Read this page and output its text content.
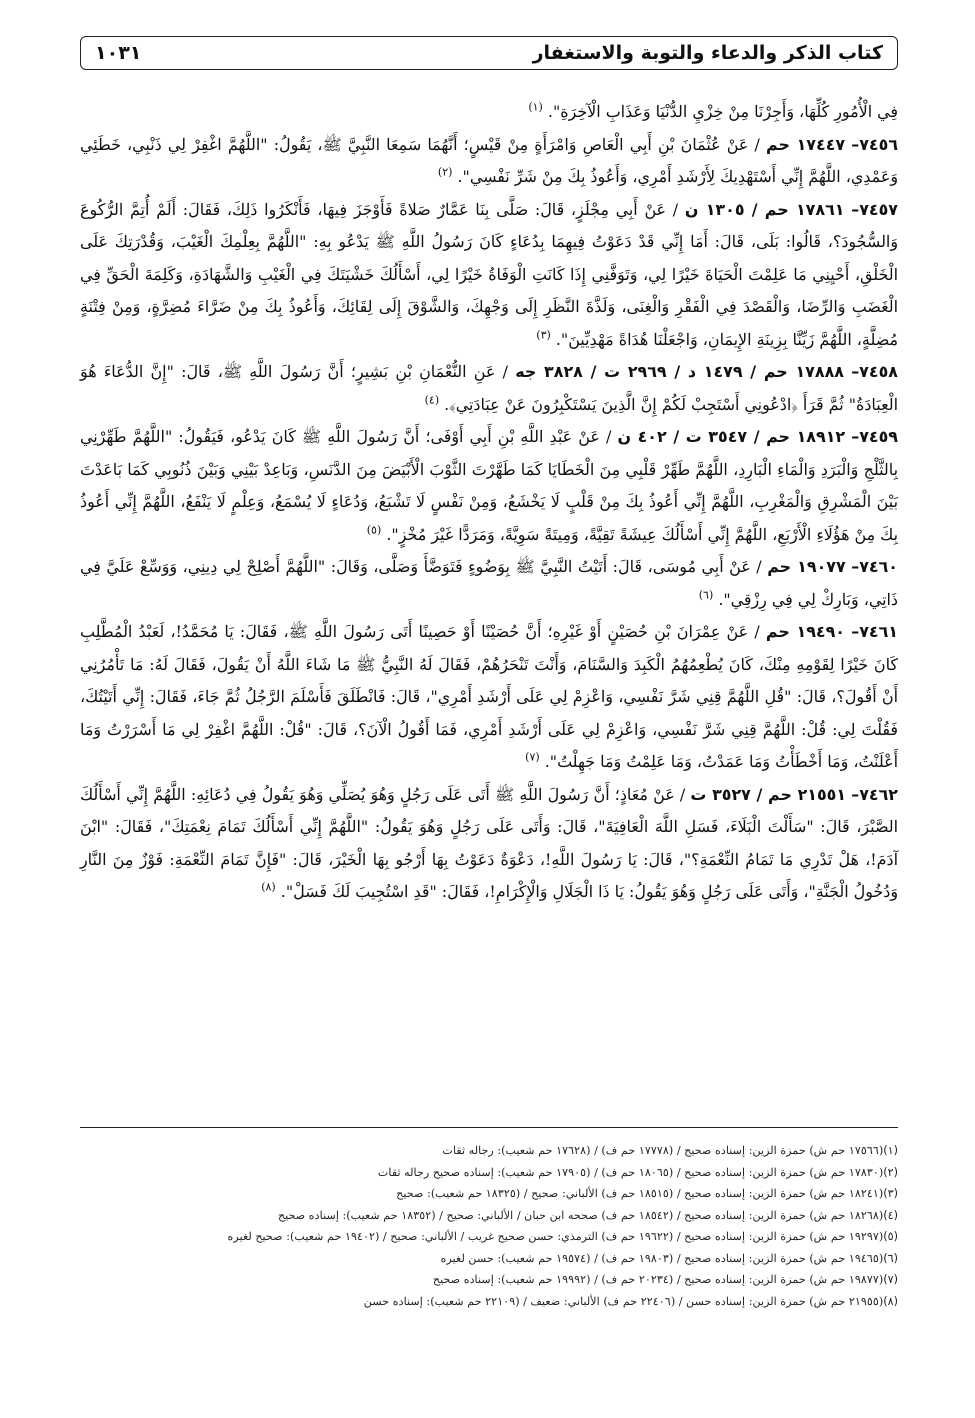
كتاب الذكر والدعاء والتوبة والاستغفار
١٠٣١

فِي الْأُمُورِ كُلِّهَا، وَأَجِرْنَا مِنْ خِزْيِ الدُّنْيَا وَعَذَابِ الْآخِرَةِ". $^{(١)}$

٧٤٥٦– ١٧٤٤٧ حم / عَنْ عُثْمَانَ بْنِ أَبِي الْعَاصِ وَامْرَأَةٍ مِنْ قَيْسٍ؛ أَنَّهُمَا سَمِعَا النَّبِيَّ ﷺ، يَقُولُ: "اللَّهُمَّ اغْفِرْ لِي ذَنْبِي، خَطَئِي وَعَمْدِي، اللَّهُمَّ إِنِّي أَسْتَهْدِيكَ لِأَرْشَدِ أَمْرِي، وَأَعُوذُ بِكَ مِنْ شَرِّ نَفْسِي". $^{(٢)}$

٧٤٥٧– ١٧٨٦١ حم / ١٣٠٥ ن / عَنْ أَبِي مِجْلَزٍ، قَالَ: صَلَّى بِنَا عَمَّارٌ صَلاةً فَأَوْجَزَ فِيهَا، فَأَنْكَرُوا ذَلِكَ، فَقَالَ: أَلَمْ أُتِمَّ الرُّكُوعَ وَالسُّجُودَ؟، قَالُوا: بَلَى، قَالَ: أَمَا إِنِّي قَدْ دَعَوْتُ فِيهِمَا بِدُعَاءٍ كَانَ رَسُولُ اللَّهِ ﷺ يَدْعُو بِهِ: "اللَّهُمَّ بِعِلْمِكَ الْغَيْبَ، وَقُدْرَتِكَ عَلَى الْخَلْقِ، أَحْيِنِي مَا عَلِمْتَ الْحَيَاةَ خَيْرًا لِي، وَتَوَفَّنِي إِذَا كَانَتِ الْوَفَاةُ خَيْرًا لِي، أَسْأَلُكَ خَشْيَتَكَ فِي الْغَيْبِ وَالشَّهَادَةِ، وَكَلِمَةَ الْحَقِّ فِي الْغَضَبِ وَالرِّضَا، وَالْقَصْدَ فِي الْفَقْرِ وَالْغِنَى، وَلَذَّةَ النَّظَرِ إِلَى وَجْهِكَ، وَالشَّوْقَ إِلَى لِقَائِكَ، وَأَعُوذُ بِكَ مِنْ ضَرَّاءَ مُضِرَّةٍ، وَمِنْ فِتْنَةٍ مُضِلَّةٍ، اللَّهُمَّ زَيِّنَّا بِزِينَةِ الإِيمَانِ، وَاجْعَلْنَا هُدَاةً مَهْدِيِّينَ". $^{(٣)}$

٧٤٥٨– ١٧٨٨٨ حم / ١٤٧٩ د / ٢٩٦٩ ت / ٣٨٢٨ جه / عَنِ النُّعْمَانِ بْنِ بَشِيرٍ؛ أَنَّ رَسُولَ اللَّهِ ﷺ، قَالَ: "إِنَّ الدُّعَاءَ هُوَ الْعِبَادَةُ" ثُمَّ قَرَأَ ﴿ادْعُونِي أَسْتَجِبْ لَكُمْ إِنَّ الَّذِينَ يَسْتَكْبِرُونَ عَنْ عِبَادَتِي﴾. $^{(٤)}$

٧٤٥٩– ١٨٩١٢ حم / ٣٥٤٧ ت / ٤٠٢ ن / عَنْ عَبْدِ اللَّهِ بْنِ أَبِي أَوْفَى؛ أَنَّ رَسُولَ اللَّهِ ﷺ كَانَ يَدْعُو، فَيَقُولُ: "اللَّهُمَّ طَهِّرْنِي بِالثَّلْجِ وَالْبَرَدِ وَالْمَاءِ الْبَارِدِ، اللَّهُمَّ طَهِّرْ قَلْبِي مِنَ الْخَطَايَا كَمَا طَهَّرْتَ الثَّوْبَ الْأَبْيَضَ مِنَ الدَّنَسِ، وَبَاعِدْ بَيْنِي وَبَيْنَ ذُنُوبِي كَمَا بَاعَدْتَ بَيْنَ الْمَشْرِقِ وَالْمَغْرِبِ، اللَّهُمَّ إِنِّي أَعُوذُ بِكَ مِنْ قَلْبٍ لَا يَخْشَعُ، وَمِنْ نَفْسٍ لَا تَشْبَعُ، وَدُعَاءٍ لَا يُسْمَعُ، وَعِلْمٍ لَا يَنْفَعُ، اللَّهُمَّ إِنِّي أَعُوذُ بِكَ مِنْ هَؤُلَاءِ الْأَرْبَعِ، اللَّهُمَّ إِنِّي أَسْأَلُكَ عِيشَةً تَقِيَّةً، وَمِيتَةً سَوِيَّةً، وَمَرَدًّا غَيْرَ مُخْزٍ". $^{(٥)}$

٧٤٦٠– ١٩٠٧٧ حم / عَنْ أَبِي مُوسَى، قَالَ: أَتَيْتُ النَّبِيَّ ﷺ بِوَضُوءٍ فَتَوَضَّأَ وَصَلَّى، وَقَالَ: "اللَّهُمَّ أَصْلِحْ لِي دِينِي، وَوَسِّعْ عَلَيَّ فِي ذَاتِي، وَبَارِكْ لِي فِي رِزْقِي". $^{(٦)}$

٧٤٦١– ١٩٤٩٠ حم / عَنْ عِمْرَانَ بْنِ حُصَيْنٍ أَوْ غَيْرِهِ؛ أَنَّ حُصَيْنًا أَوْ حَصِينًا أَتَى رَسُولَ اللَّهِ ﷺ، فَقَالَ: يَا مُحَمَّدُ!، لَعَبْدُ الْمُطَّلِبِ كَانَ خَيْرًا لِقَوْمِهِ مِنْكَ، كَانَ يُطْعِمُهُمُ الْكَبِدَ وَالسَّنَامَ، وَأَنْتَ تَنْحَرُهُمْ، فَقَالَ لَهُ النَّبِيُّ ﷺ مَا شَاءَ اللَّهُ أَنْ يَقُولَ، فَقَالَ لَهُ: مَا تَأْمُرُنِي أَنْ أَقُولَ؟، قَالَ: "قُلِ اللَّهُمَّ قِنِي شَرَّ نَفْسِي، وَاعْزِمْ لِي عَلَى أَرْشَدِ أَمْرِي"، قَالَ: فَانْطَلَقَ فَأَسْلَمَ الرَّجُلُ ثُمَّ جَاءَ، فَقَالَ: إِنِّي أَتَيْتُكَ، فَقُلْتَ لِي: قُلْ: اللَّهُمَّ قِنِي شَرَّ نَفْسِي، وَاعْزِمْ لِي عَلَى أَرْشَدِ أَمْرِي، فَمَا أَقُولُ الْآنَ؟، قَالَ: "قُلْ: اللَّهُمَّ اغْفِرْ لِي مَا أَسْرَرْتُ وَمَا أَعْلَنْتُ، وَمَا أَخْطَأْتُ وَمَا عَمَدْتُ، وَمَا عَلِمْتُ وَمَا جَهِلْتُ". $^{(٧)}$

٧٤٦٢– ٢١٥٥١ حم / ٣٥٢٧ ت / عَنْ مُعَاذٍ؛ أَنَّ رَسُولَ اللَّهِ ﷺ أَتَى عَلَى رَجُلٍ وَهُوَ يُصَلِّي وَهُوَ يَقُولُ فِي دُعَائِهِ: اللَّهُمَّ إِنِّي أَسْأَلُكَ الصَّبْرَ، قَالَ: "سَأَلْتَ الْبَلَاءَ، فَسَلِ اللَّهَ الْعَافِيَةَ"، قَالَ: وَأَتَى عَلَى رَجُلٍ وَهُوَ يَقُولُ: "اللَّهُمَّ إِنِّي أَسْأَلُكَ تَمَامَ نِعْمَتِكَ"، فَقَالَ: "ابْنَ آدَمَ!، هَلْ تَدْرِي مَا تَمَامُ النِّعْمَةِ؟"، قَالَ: يَا رَسُولَ اللَّهِ!، دَعْوَةٌ دَعَوْتُ بِهَا أَرْجُو بِهَا الْخَيْرَ، قَالَ: "فَإِنَّ تَمَامَ النِّعْمَةِ: فَوْزٌ مِنَ النَّارِ وَدُخُولُ الْجَنَّةِ"، وَأَتَى عَلَى رَجُلٍ وَهُوَ يَقُولُ: يَا ذَا الْجَلَالِ وَالْإِكْرَامِ!، فَقَالَ: "قَدِ اسْتُجِيبَ لَكَ فَسَلْ". $^{(٨)}$

(١)(١٧٥٦٦ حم ش) حمزة الزين: إسناده صحيح / (١٧٧٧٨ حم ف) / (١٧٦٢٨ حم شعيب): رجاله ثقات

(٢)(١٧٨٣٠ حم ش) حمزة الزين: إسناده صحيح / (١٨٠٦٥ حم ف) / (١٧٩٠٥ حم شعيب): إسناده صحيح رجاله ثقات

(٣)(١٨٢٤١ حم ش) حمزة الزين: إسناده صحيح / (١٨٥١٥ حم ف) الألباني: صحيح / (١٨٣٢٥ حم شعيب): صحيح

(٤)(١٨٢٦٨ حم ش) حمزة الزين: إسناده صحيح / (١٨٥٤٢ حم ف) صححه ابن حبان / الألباني: صحيح / (١٨٣٥٢ حم شعيب): إسناده صحيح

(٥)(١٩٢٩٧ حم ش) حمزة الزين: إسناده صحيح / (١٩٦٢٢ حم ف) الترمذي: حسن صحيح غريب / الألباني: صحيح / (١٩٤٠٢ حم شعيب): صحيح لغيره

(٦)(١٩٤٦٥ حم ش) حمزة الزين: إسناده صحيح / (١٩٨٠٣ حم ف) / (١٩٥٧٤ حم شعيب): حسن لغيره

(٧)(١٩٨٧٧ حم ش) حمزة الزين: إسناده صحيح / (٢٠٢٣٤ حم ف) / (١٩٩٩٢ حم شعيب): إسناده صحيح

(٨)(٢١٩٥٥ حم ش) حمزة الزين: إسناده حسن / (٢٢٤٠٦ حم ف) الألباني: ضعيف / (٢٢١٠٩ حم شعيب): إسناده حسن
